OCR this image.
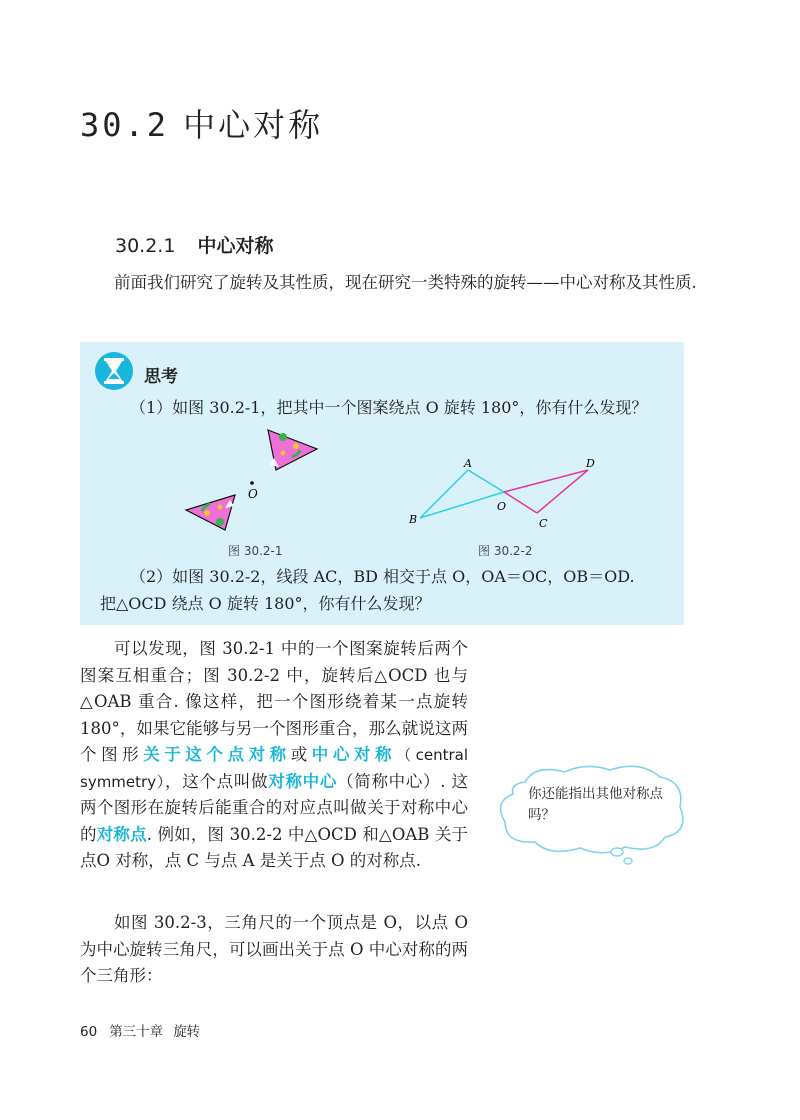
30.2 中心对称
30.2.1 中心对称
前面我们研究了旋转及其性质，现在研究一类特殊的旋转——中心对称及其性质.
思考
（1）如图 30.2-1，把其中一个图案绕点 O 旋转 180°，你有什么发现？
O
图 30.2-1
A
B	C
D
O
图 30.2-2
（2）如图 30.2-2，线段 AC，BD 相交于点 O，OA＝OC，OB＝OD.
把△OCD 绕点 O 旋转 180°，你有什么发现？
可以发现，图 30.2-1 中的一个图案旋转后两个图案互相重合；图 30.2-2 中，旋转后△OCD 也与△OAB 重合. 像这样，把一个图形绕着某一点旋转 180°，如果它能够与另一个图形重合，那么就说这两个图形关于这个点对称或中心对称（central symmetry），这个点叫做对称中心（简称中心）. 这两个图形在旋转后能重合的对应点叫做关于对称中心的对称点. 例如，图 30.2-2 中△OCD 和△OAB 关于点O 对称，点 C 与点 A 是关于点 O 的对称点.
如图 30.2-3，三角尺的一个顶点是 O，以点 O 为中心旋转三角尺，可以画出关于点 O 中心对称的两个三角形：
你还能指出其他对称点吗？
60 第三十章 旋转
